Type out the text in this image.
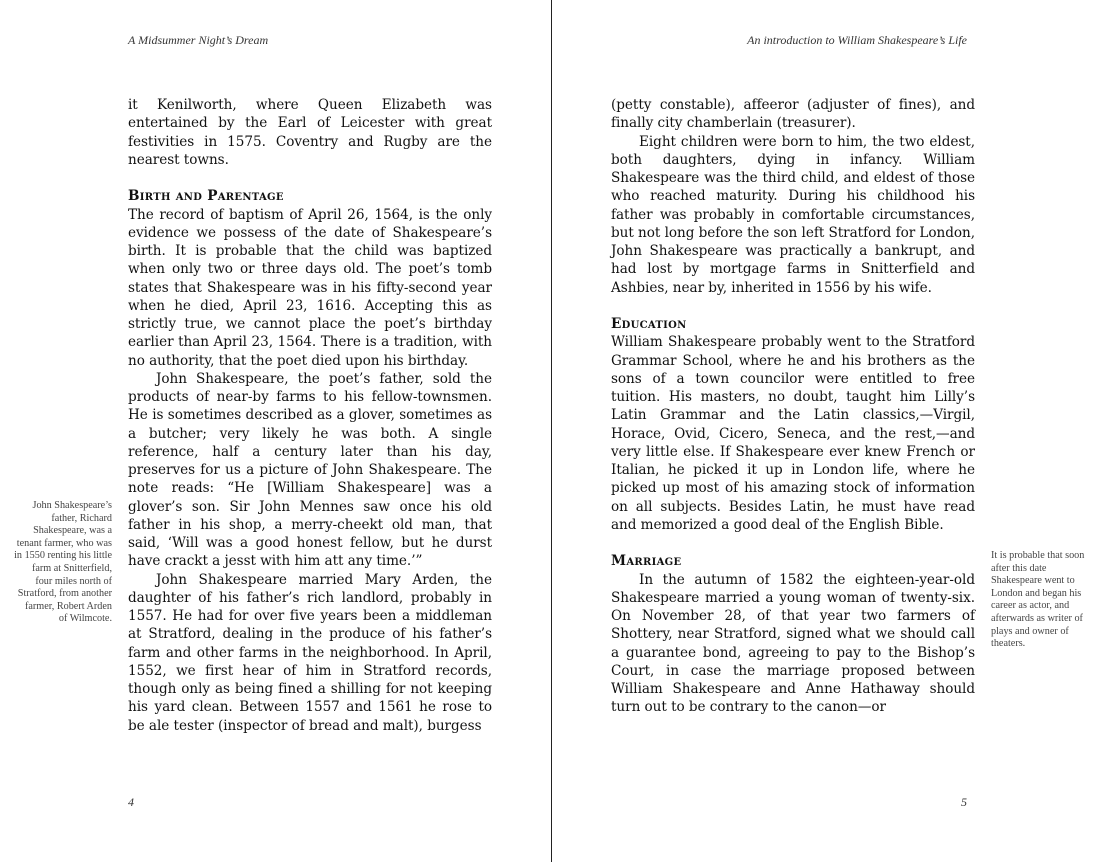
A Midsummer Night’s Dream

it Kenilworth, where Queen Elizabeth was entertained by the Earl of Leicester with great festivities in 1575. Coventry and Rugby are the nearest towns.

Birth and Parentage

The record of baptism of April 26, 1564, is the only evidence we possess of the date of Shakespeare’s birth. It is probable that the child was baptized when only two or three days old. The poet’s tomb states that Shakespeare was in his fifty-second year when he died, April 23, 1616. Accepting this as strictly true, we cannot place the poet’s birthday earlier than April 23, 1564. There is a tradition, with no authority, that the poet died upon his birthday.

John Shakespeare, the poet’s father, sold the products of near-by farms to his fellow-townsmen. He is sometimes described as a glover, sometimes as a butcher; very likely he was both. A single reference, half a century later than his day, preserves for us a picture of John Shakespeare. The note reads: “He [William Shakespeare] was a glover’s son. Sir John Mennes saw once his old father in his shop, a merry-cheekt old man, that said, ‘Will was a good honest fellow, but he durst have crackt a jesst with him att any time.’”

John Shakespeare married Mary Arden, the daughter of his father’s rich landlord, probably in 1557. He had for over five years been a middleman at Stratford, dealing in the produce of his father’s farm and other farms in the neighborhood. In April, 1552, we first hear of him in Stratford records, though only as being fined a shilling for not keeping his yard clean. Between 1557 and 1561 he rose to be ale tester (inspector of bread and malt), burgess

John Shakespeare’s father, Richard Shakespeare, was a tenant farmer, who was in 1550 renting his little farm at Snitterfield, four miles north of Stratford, from another farmer, Robert Arden of Wilmcote.
4
An introduction to William Shakespeare’s Life

(petty constable), affeeror (adjuster of fines), and finally city chamberlain (treasurer).

Eight children were born to him, the two eldest, both daughters, dying in infancy. William Shakespeare was the third child, and eldest of those who reached maturity. During his childhood his father was probably in comfortable circumstances, but not long before the son left Stratford for London, John Shakespeare was practically a bankrupt, and had lost by mortgage farms in Snitterfield and Ashbies, near by, inherited in 1556 by his wife.

Education

William Shakespeare probably went to the Stratford Grammar School, where he and his brothers as the sons of a town councilor were entitled to free tuition. His masters, no doubt, taught him Lilly’s Latin Grammar and the Latin classics,—Virgil, Horace, Ovid, Cicero, Seneca, and the rest,—and very little else. If Shakespeare ever knew French or Italian, he picked it up in London life, where he picked up most of his amazing stock of information on all subjects. Besides Latin, he must have read and memorized a good deal of the English Bible.

Marriage

In the autumn of 1582 the eighteen-year-old Shakespeare married a young woman of twenty-six. On November 28, of that year two farmers of Shottery, near Stratford, signed what we should call a guarantee bond, agreeing to pay to the Bishop’s Court, in case the marriage proposed between William Shakespeare and Anne Hathaway should turn out to be contrary to the canon—or

It is probable that soon after this date Shakespeare went to London and began his career as actor, and afterwards as writer of plays and owner of theaters.
5
